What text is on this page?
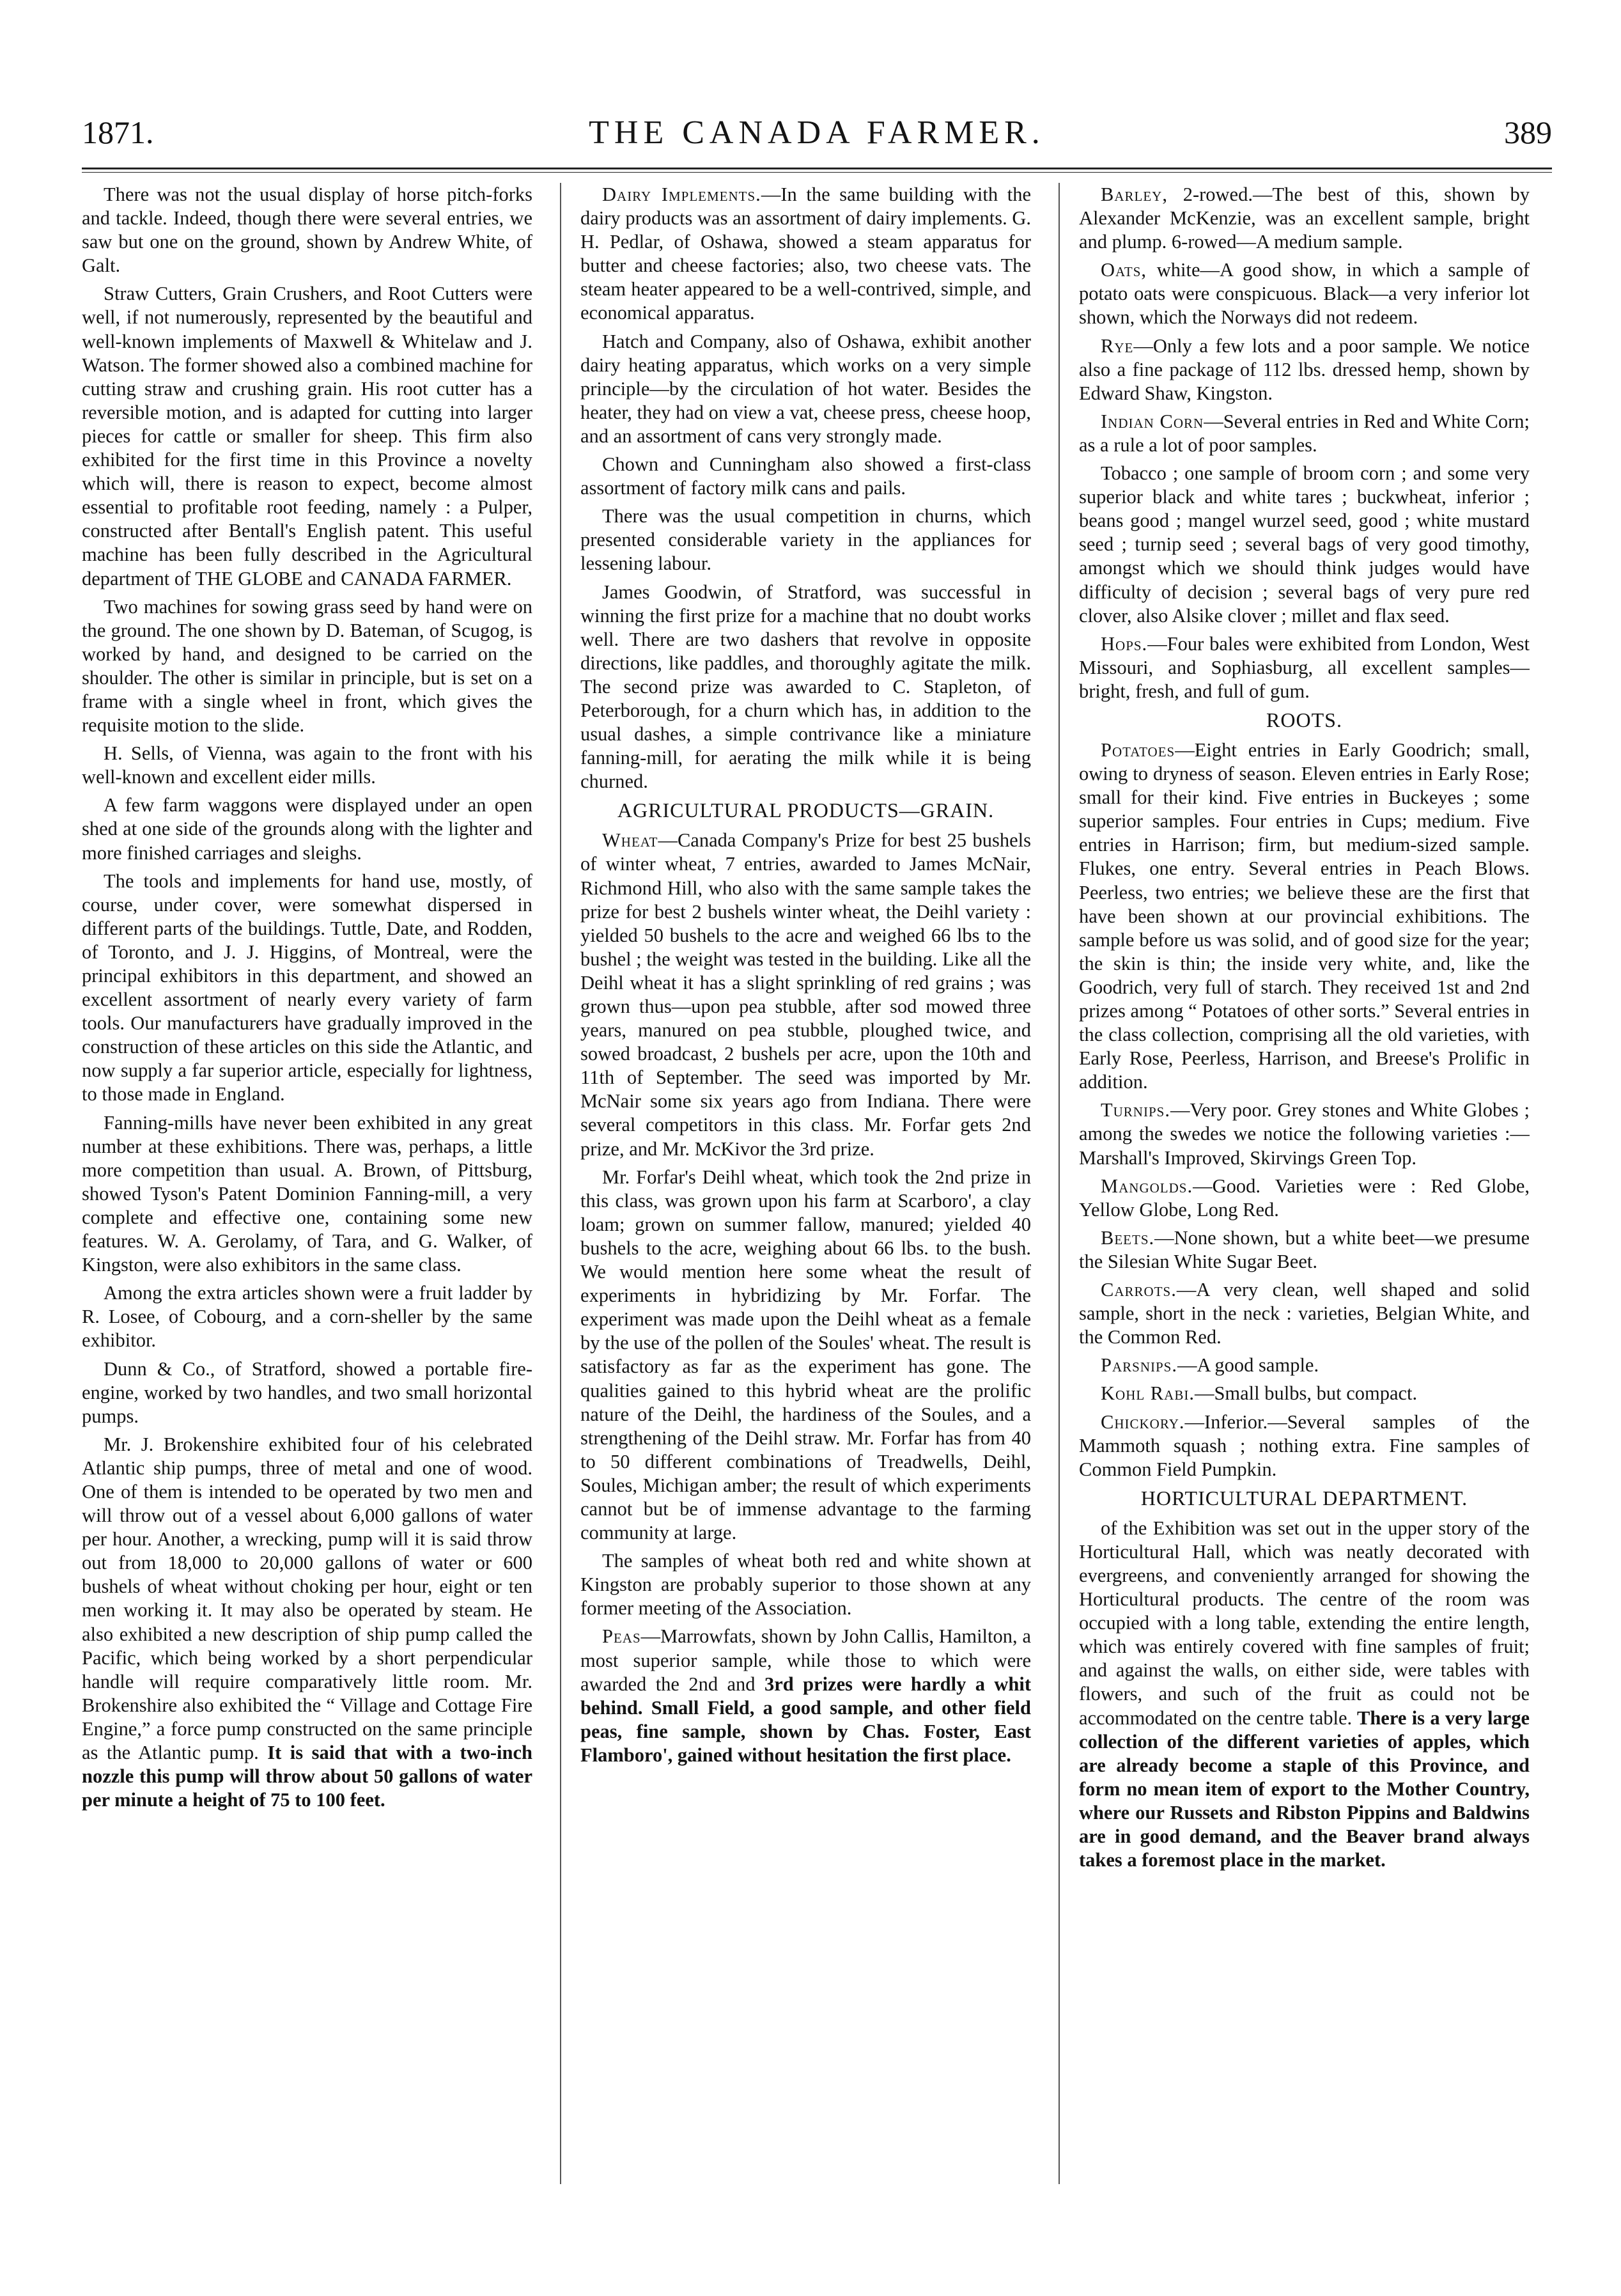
1871.	THE CANADA FARMER.	389

There was not the usual display of horse pitch-forks and tackle. Indeed, though there were several entries, we saw but one on the ground, shown by Andrew White, of Galt.

Straw Cutters, Grain Crushers, and Root Cutters were well, if not numerously, represented by the beautiful and well-known implements of Maxwell & Whitelaw and J. Watson. The former showed also a combined machine for cutting straw and crushing grain. His root cutter has a reversible motion, and is adapted for cutting into larger pieces for cattle or smaller for sheep. This firm also exhibited for the first time in this Province a novelty which will, there is reason to expect, become almost essential to profitable root feeding, namely : a Pulper, constructed after Bentall's English patent. This useful machine has been fully described in the Agricultural department of THE GLOBE and CANADA FARMER.

Two machines for sowing grass seed by hand were on the ground. The one shown by D. Bateman, of Scugog, is worked by hand, and designed to be carried on the shoulder. The other is similar in principle, but is set on a frame with a single wheel in front, which gives the requisite motion to the slide.

H. Sells, of Vienna, was again to the front with his well-known and excellent eider mills.

A few farm waggons were displayed under an open shed at one side of the grounds along with the lighter and more finished carriages and sleighs.

The tools and implements for hand use, mostly, of course, under cover, were somewhat dispersed in different parts of the buildings. Tuttle, Date, and Rodden, of Toronto, and J. J. Higgins, of Montreal, were the principal exhibitors in this department, and showed an excellent assortment of nearly every variety of farm tools. Our manufacturers have gradually improved in the construction of these articles on this side the Atlantic, and now supply a far superior article, especially for lightness, to those made in England.

Fanning-mills have never been exhibited in any great number at these exhibitions. There was, perhaps, a little more competition than usual. A. Brown, of Pittsburg, showed Tyson's Patent Dominion Fanning-mill, a very complete and effective one, containing some new features. W. A. Gerolamy, of Tara, and G. Walker, of Kingston, were also exhibitors in the same class.

Among the extra articles shown were a fruit ladder by R. Losee, of Cobourg, and a corn-sheller by the same exhibitor.

Dunn & Co., of Stratford, showed a portable fire-engine, worked by two handles, and two small horizontal pumps.

Mr. J. Brokenshire exhibited four of his celebrated Atlantic ship pumps, three of metal and one of wood. One of them is intended to be operated by two men and will throw out of a vessel about 6,000 gallons of water per hour. Another, a wrecking, pump will it is said throw out from 18,000 to 20,000 gallons of water or 600 bushels of wheat without choking per hour, eight or ten men working it. It may also be operated by steam. He also exhibited a new description of ship pump called the Pacific, which being worked by a short perpendicular handle will require comparatively little room. Mr. Brokenshire also exhibited the “ Village and Cottage Fire Engine,” a force pump constructed on the same principle as the Atlantic pump. It is said that with a two-inch nozzle this pump will throw about 50 gallons of water per minute a height of 75 to 100 feet.

Dairy Implements.—In the same building with the dairy products was an assortment of dairy implements. G. H. Pedlar, of Oshawa, showed a steam apparatus for butter and cheese factories; also, two cheese vats. The steam heater appeared to be a well-contrived, simple, and economical apparatus.

Hatch and Company, also of Oshawa, exhibit another dairy heating apparatus, which works on a very simple principle—by the circulation of hot water. Besides the heater, they had on view a vat, cheese press, cheese hoop, and an assortment of cans very strongly made.

Chown and Cunningham also showed a first-class assortment of factory milk cans and pails.

There was the usual competition in churns, which presented considerable variety in the appliances for lessening labour.

James Goodwin, of Stratford, was successful in winning the first prize for a machine that no doubt works well. There are two dashers that revolve in opposite directions, like paddles, and thoroughly agitate the milk. The second prize was awarded to C. Stapleton, of Peterborough, for a churn which has, in addition to the usual dashes, a simple contrivance like a miniature fanning-mill, for aerating the milk while it is being churned.

AGRICULTURAL PRODUCTS—GRAIN.

Wheat—Canada Company's Prize for best 25 bushels of winter wheat, 7 entries, awarded to James McNair, Richmond Hill, who also with the same sample takes the prize for best 2 bushels winter wheat, the Deihl variety : yielded 50 bushels to the acre and weighed 66 lbs to the bushel ; the weight was tested in the building. Like all the Deihl wheat it has a slight sprinkling of red grains ; was grown thus—upon pea stubble, after sod mowed three years, manured on pea stubble, ploughed twice, and sowed broadcast, 2 bushels per acre, upon the 10th and 11th of September. The seed was imported by Mr. McNair some six years ago from Indiana. There were several competitors in this class. Mr. Forfar gets 2nd prize, and Mr. McKivor the 3rd prize.

Mr. Forfar's Deihl wheat, which took the 2nd prize in this class, was grown upon his farm at Scarboro', a clay loam; grown on summer fallow, manured; yielded 40 bushels to the acre, weighing about 66 lbs. to the bush. We would mention here some wheat the result of experiments in hybridizing by Mr. Forfar. The experiment was made upon the Deihl wheat as a female by the use of the pollen of the Soules' wheat. The result is satisfactory as far as the experiment has gone. The qualities gained to this hybrid wheat are the prolific nature of the Deihl, the hardiness of the Soules, and a strengthening of the Deihl straw. Mr. Forfar has from 40 to 50 different combinations of Treadwells, Deihl, Soules, Michigan amber; the result of which experiments cannot but be of immense advantage to the farming community at large.

The samples of wheat both red and white shown at Kingston are probably superior to those shown at any former meeting of the Association.

Peas—Marrowfats, shown by John Callis, Hamilton, a most superior sample, while those to which were awarded the 2nd and 3rd prizes were hardly a whit behind. Small Field, a good sample, and other field peas, fine sample, shown by Chas. Foster, East Flamboro', gained without hesitation the first place.

Barley, 2-rowed.—The best of this, shown by Alexander McKenzie, was an excellent sample, bright and plump. 6-rowed—A medium sample.

Oats, white—A good show, in which a sample of potato oats were conspicuous. Black—a very inferior lot shown, which the Norways did not redeem.

Rye—Only a few lots and a poor sample. We notice also a fine package of 112 lbs. dressed hemp, shown by Edward Shaw, Kingston.

Indian Corn—Several entries in Red and White Corn; as a rule a lot of poor samples.

Tobacco ; one sample of broom corn ; and some very superior black and white tares ; buckwheat, inferior ; beans good ; mangel wurzel seed, good ; white mustard seed ; turnip seed ; several bags of very good timothy, amongst which we should think judges would have difficulty of decision ; several bags of very pure red clover, also Alsike clover ; millet and flax seed.

Hops.—Four bales were exhibited from London, West Missouri, and Sophiasburg, all excellent samples—bright, fresh, and full of gum.

ROOTS.

Potatoes—Eight entries in Early Goodrich; small, owing to dryness of season. Eleven entries in Early Rose; small for their kind. Five entries in Buckeyes ; some superior samples. Four entries in Cups; medium. Five entries in Harrison; firm, but medium-sized sample. Flukes, one entry. Several entries in Peach Blows. Peerless, two entries; we believe these are the first that have been shown at our provincial exhibitions. The sample before us was solid, and of good size for the year; the skin is thin; the inside very white, and, like the Goodrich, very full of starch. They received 1st and 2nd prizes among “ Potatoes of other sorts.” Several entries in the class collection, comprising all the old varieties, with Early Rose, Peerless, Harrison, and Breese's Prolific in addition.

Turnips.—Very poor. Grey stones and White Globes ; among the swedes we notice the following varieties :—Marshall's Improved, Skirvings Green Top.

Mangolds.—Good. Varieties were : Red Globe, Yellow Globe, Long Red.

Beets.—None shown, but a white beet—we presume the Silesian White Sugar Beet.

Carrots.—A very clean, well shaped and solid sample, short in the neck : varieties, Belgian White, and the Common Red.

Parsnips.—A good sample.

Kohl Rabi.—Small bulbs, but compact.

Chickory.—Inferior.—Several samples of the Mammoth squash ; nothing extra. Fine samples of Common Field Pumpkin.

HORTICULTURAL DEPARTMENT.

of the Exhibition was set out in the upper story of the Horticultural Hall, which was neatly decorated with evergreens, and conveniently arranged for showing the Horticultural products. The centre of the room was occupied with a long table, extending the entire length, which was entirely covered with fine samples of fruit; and against the walls, on either side, were tables with flowers, and such of the fruit as could not be accommodated on the centre table. There is a very large collection of the different varieties of apples, which are already become a staple of this Province, and form no mean item of export to the Mother Country, where our Russets and Ribston Pippins and Baldwins are in good demand, and the Beaver brand always takes a foremost place in the market.
